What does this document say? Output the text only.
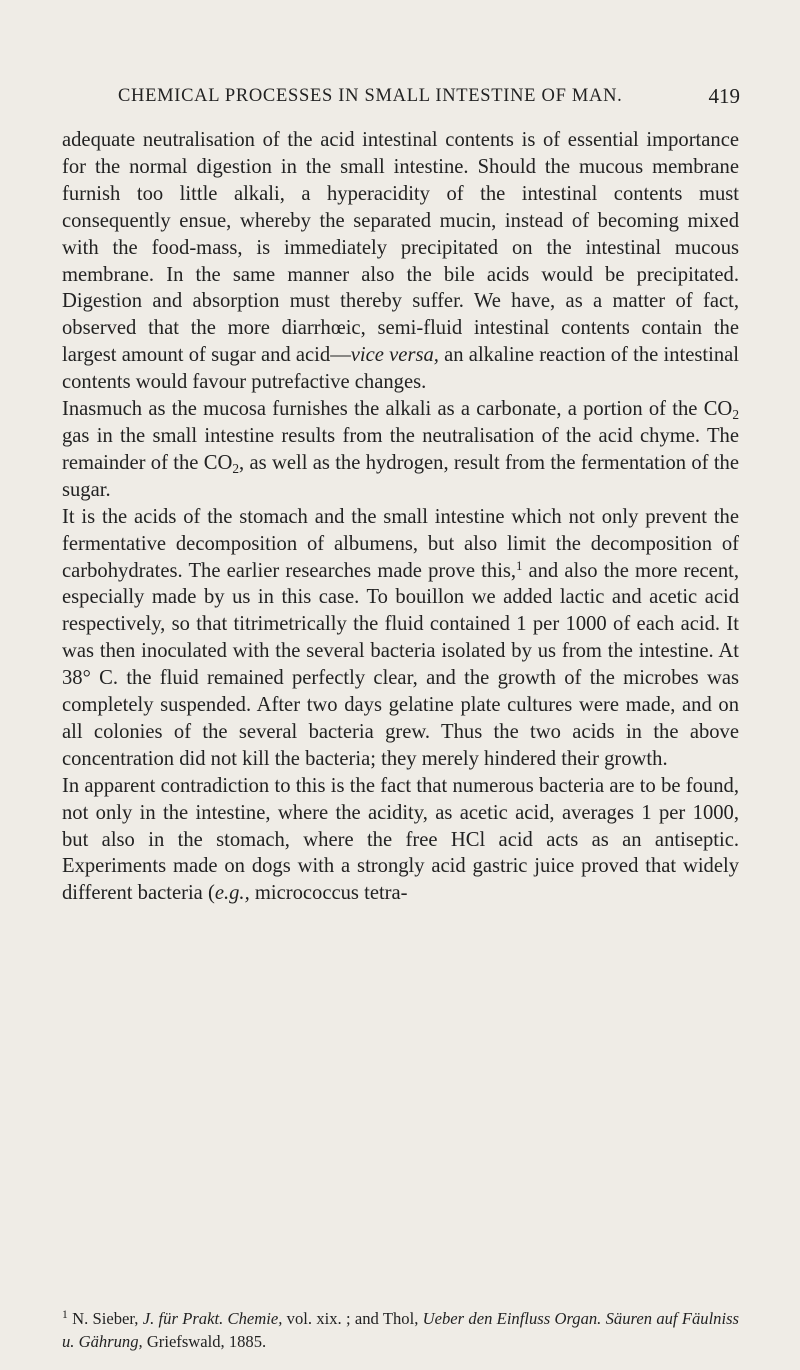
CHEMICAL PROCESSES IN SMALL INTESTINE OF MAN.	419

adequate neutralisation of the acid intestinal contents is of essential importance for the normal digestion in the small intestine. Should the mucous membrane furnish too little alkali, a hyperacidity of the intestinal contents must consequently ensue, whereby the separated mucin, instead of becoming mixed with the food-mass, is immediately precipitated on the intestinal mucous membrane. In the same manner also the bile acids would be precipitated. Digestion and absorption must thereby suffer. We have, as a matter of fact, observed that the more diarrhœic, semi-fluid intestinal contents contain the largest amount of sugar and acid—vice versa, an alkaline reaction of the intestinal contents would favour putrefactive changes.

Inasmuch as the mucosa furnishes the alkali as a carbonate, a portion of the $CO_2$ gas in the small intestine results from the neutralisation of the acid chyme. The remainder of the $CO_2$, as well as the hydrogen, result from the fermentation of the sugar.

It is the acids of the stomach and the small intestine which not only prevent the fermentative decomposition of albumens, but also limit the decomposition of carbohydrates. The earlier researches made prove this,$^1$ and also the more recent, especially made by us in this case. To bouillon we added lactic and acetic acid respectively, so that titrimetrically the fluid contained 1 per 1000 of each acid. It was then inoculated with the several bacteria isolated by us from the intestine. At 38° C. the fluid remained perfectly clear, and the growth of the microbes was completely suspended. After two days gelatine plate cultures were made, and on all colonies of the several bacteria grew. Thus the two acids in the above concentration did not kill the bacteria; they merely hindered their growth.

In apparent contradiction to this is the fact that numerous bacteria are to be found, not only in the intestine, where the acidity, as acetic acid, averages 1 per 1000, but also in the stomach, where the free HCl acid acts as an antiseptic. Experiments made on dogs with a strongly acid gastric juice proved that widely different bacteria (e.g., micrococcus tetra-

$^1$ N. Sieber, J. für Prakt. Chemie, vol. xix. ; and Thol, Ueber den Einfluss Organ. Säuren auf Fäulniss u. Gährung, Griefswald, 1885.
